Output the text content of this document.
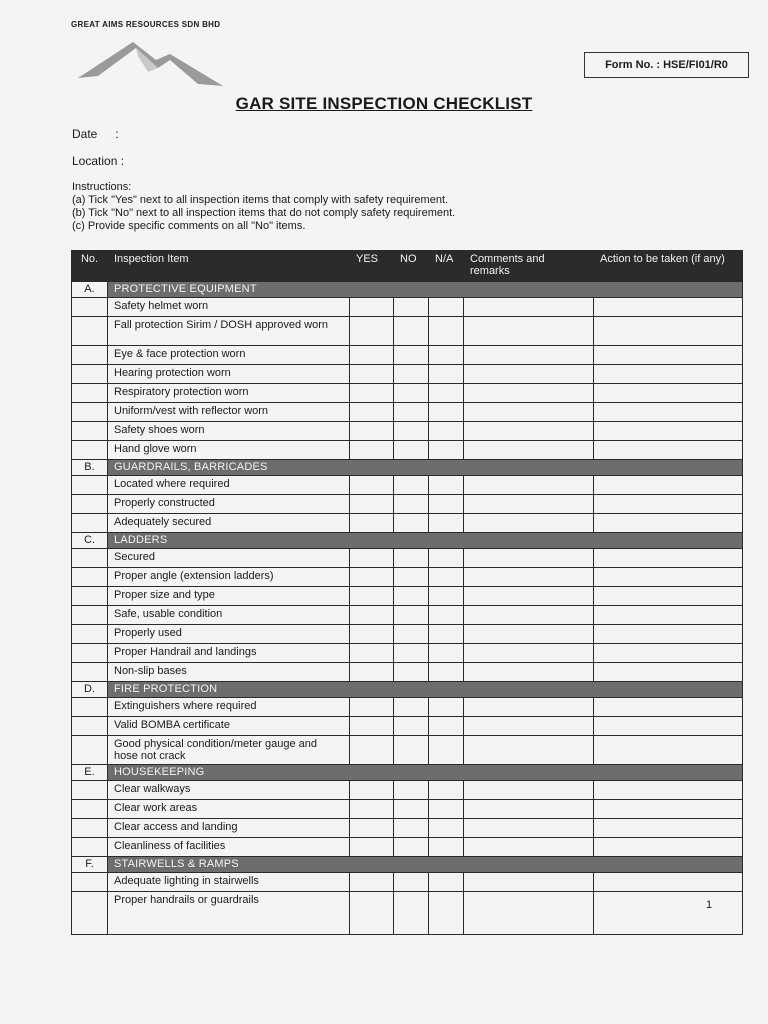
GREAT AIMS RESOURCES SDN BHD
Form No. : HSE/FI01/R0
GAR SITE INSPECTION CHECKLIST
Date :
Location :
Instructions:
(a) Tick "Yes" next to all inspection items that comply with safety requirement.
(b) Tick "No" next to all inspection items that do not comply safety requirement.
(c) Provide specific comments on all "No" items.
No.	Inspection Item	YES	NO	N/A	Comments and remarks	Action to be taken (if any)
A.	PROTECTIVE EQUIPMENT					
	Safety helmet worn					
	Fall protection Sirim / DOSH approved worn					
	Eye & face protection worn					
	Hearing protection worn					
	Respiratory protection worn					
	Uniform/vest with reflector worn					
	Safety shoes worn					
	Hand glove worn					
B.	GUARDRAILS, BARRICADES					
	Located where required					
	Properly constructed					
	Adequately secured					
C.	LADDERS					
	Secured					
	Proper angle (extension ladders)					
	Proper size and type					
	Safe, usable condition					
	Properly used					
	Proper Handrail and landings					
	Non-slip bases					
D.	FIRE PROTECTION					
	Extinguishers where required					
	Valid BOMBA certificate					
	Good physical condition/meter gauge and hose not crack					
E.	HOUSEKEEPING					
	Clear walkways					
	Clear work areas					
	Clear access and landing					
	Cleanliness of facilities					
F.	STAIRWELLS & RAMPS					
	Adequate lighting in stairwells					
	Proper handrails or guardrails						1
